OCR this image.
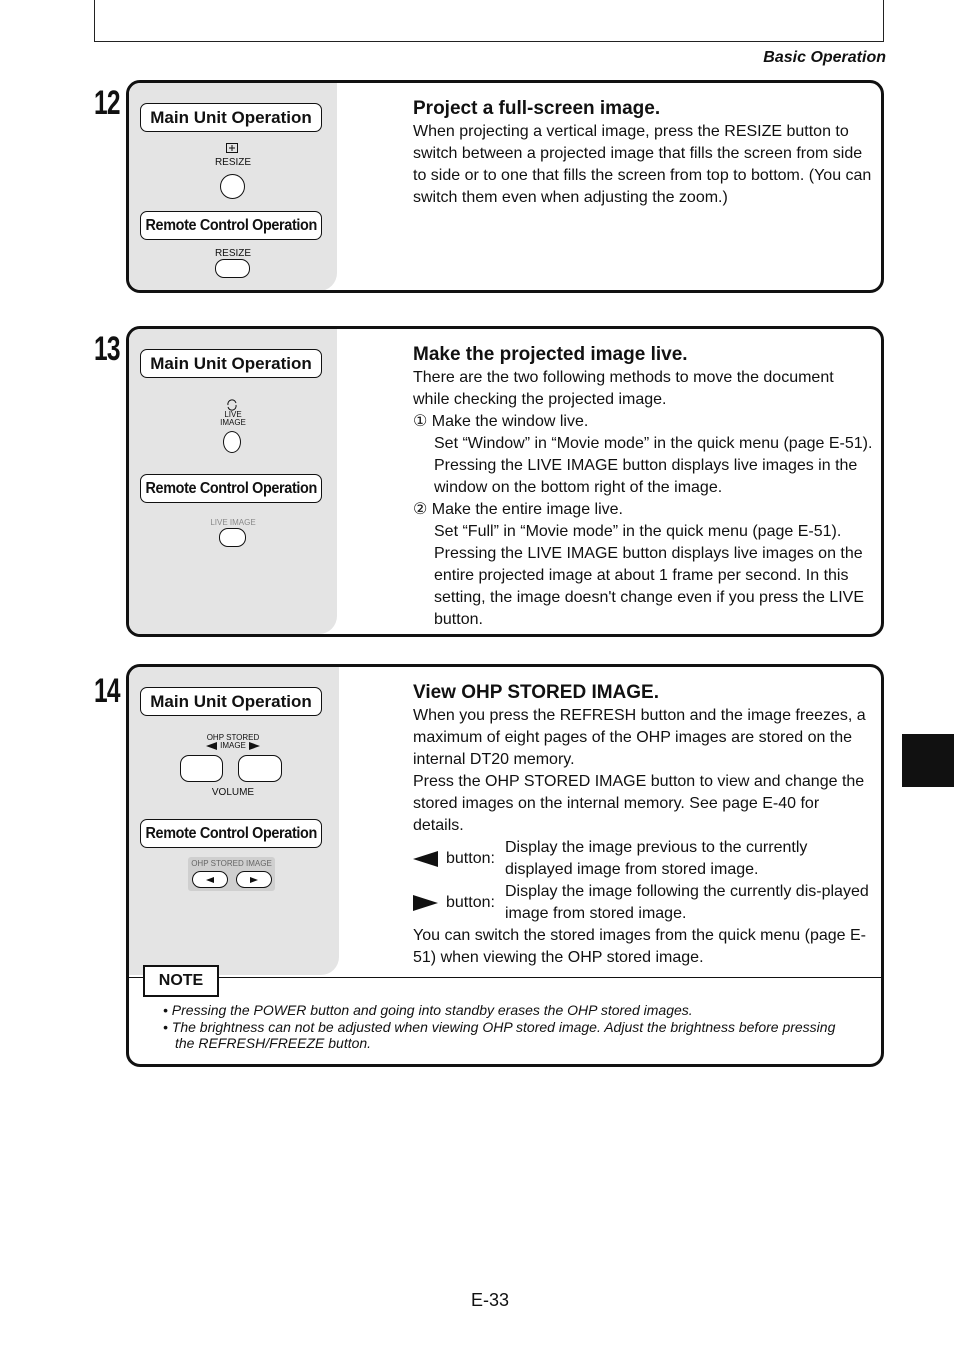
Basic Operation
12	Main Unit Operation
RESIZE
Remote Control Operation
RESIZE
Project a full-screen image.
When projecting a vertical image, press the RESIZE button to switch between a projected image that fills the screen from side to side or to one that fills the screen from top to bottom. (You can switch them even when adjusting the zoom.)
13	Main Unit Operation
LIVE
IMAGE
Remote Control Operation
LIVE IMAGE
Make the projected image live.
There are the two following methods to move the document while checking the projected image.
① Make the window live.
Set “Window” in “Movie mode” in the quick menu (page E-51). Pressing the LIVE IMAGE button displays live images in the window on the bottom right of the image.
② Make the entire image live.
Set “Full” in “Movie mode” in the quick menu (page E-51). Pressing the LIVE IMAGE button displays live images on the entire projected image at about 1 frame per second. In this setting, the image doesn't change even if you press the LIVE button.
14	Main Unit Operation
OHP STORED
IMAGE
VOLUME
Remote Control Operation
OHP STORED IMAGE
View OHP STORED IMAGE.
When you press the REFRESH button and the image freezes, a maximum of eight pages of the OHP images are stored on the internal DT20 memory.
Press the OHP STORED IMAGE button to view and change the stored images on the internal memory. See page E-40 for details.
button:
Display the image previous to the currently displayed image from stored image.
button:
Display the image following the currently dis-played image from stored image.
You can switch the stored images from the quick menu (page E-51) when viewing the OHP stored image.
NOTE
• Pressing the POWER button and going into standby erases the OHP stored images.
• The brightness can not be adjusted when viewing OHP stored image. Adjust the brightness before pressing the REFRESH/FREEZE button.
E-33
